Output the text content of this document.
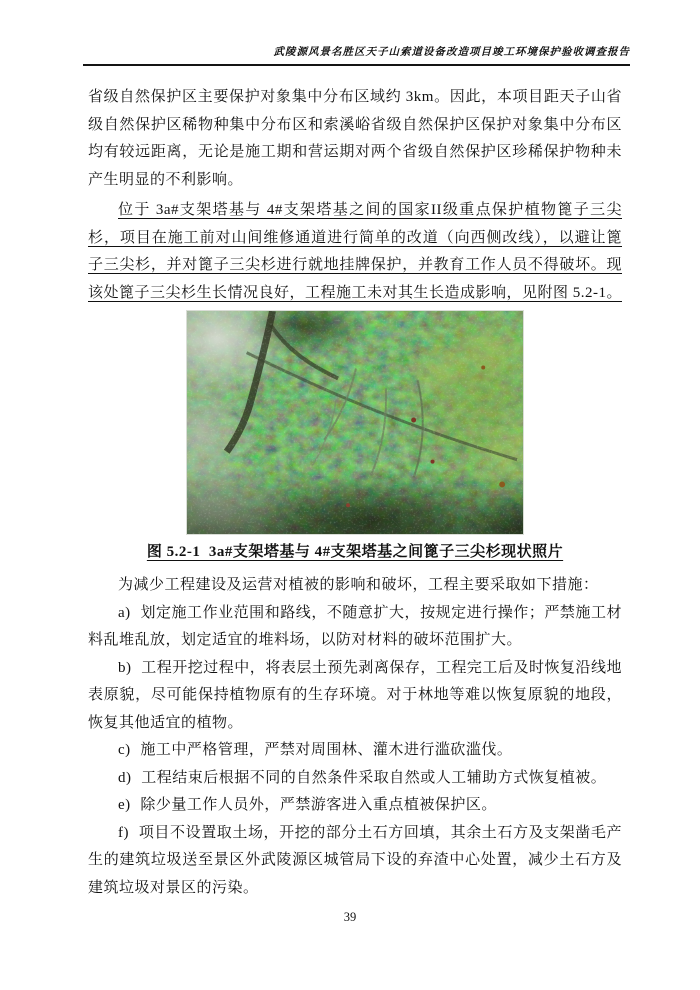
武陵源风景名胜区天子山索道设备改造项目竣工环境保护验收调查报告

省级自然保护区主要保护对象集中分布区域约 3km。因此，本项目距天子山省级自然保护区稀物种集中分布区和索溪峪省级自然保护区保护对象集中分布区均有较远距离，无论是施工期和营运期对两个省级自然保护区珍稀保护物种未产生明显的不利影响。

位于 3a#支架塔基与 4#支架塔基之间的国家II级重点保护植物篦子三尖杉，项目在施工前对山间维修通道进行简单的改道（向西侧改线），以避让篦子三尖杉，并对篦子三尖杉进行就地挂牌保护，并教育工作人员不得破坏。现该处篦子三尖杉生长情况良好，工程施工未对其生长造成影响，见附图 5.2-1。

图 5.2-1  3a#支架塔基与 4#支架塔基之间篦子三尖杉现状照片

为减少工程建设及运营对植被的影响和破坏，工程主要采取如下措施：

a) 划定施工作业范围和路线，不随意扩大，按规定进行操作；严禁施工材料乱堆乱放，划定适宜的堆料场，以防对材料的破坏范围扩大。

b) 工程开挖过程中，将表层土预先剥离保存，工程完工后及时恢复沿线地表原貌，尽可能保持植物原有的生存环境。对于林地等难以恢复原貌的地段，恢复其他适宜的植物。

c) 施工中严格管理，严禁对周围林、灌木进行滥砍滥伐。

d) 工程结束后根据不同的自然条件采取自然或人工辅助方式恢复植被。

e) 除少量工作人员外，严禁游客进入重点植被保护区。

f) 项目不设置取土场，开挖的部分土石方回填，其余土石方及支架凿毛产生的建筑垃圾送至景区外武陵源区城管局下设的弃渣中心处置，减少土石方及建筑垃圾对景区的污染。

39
